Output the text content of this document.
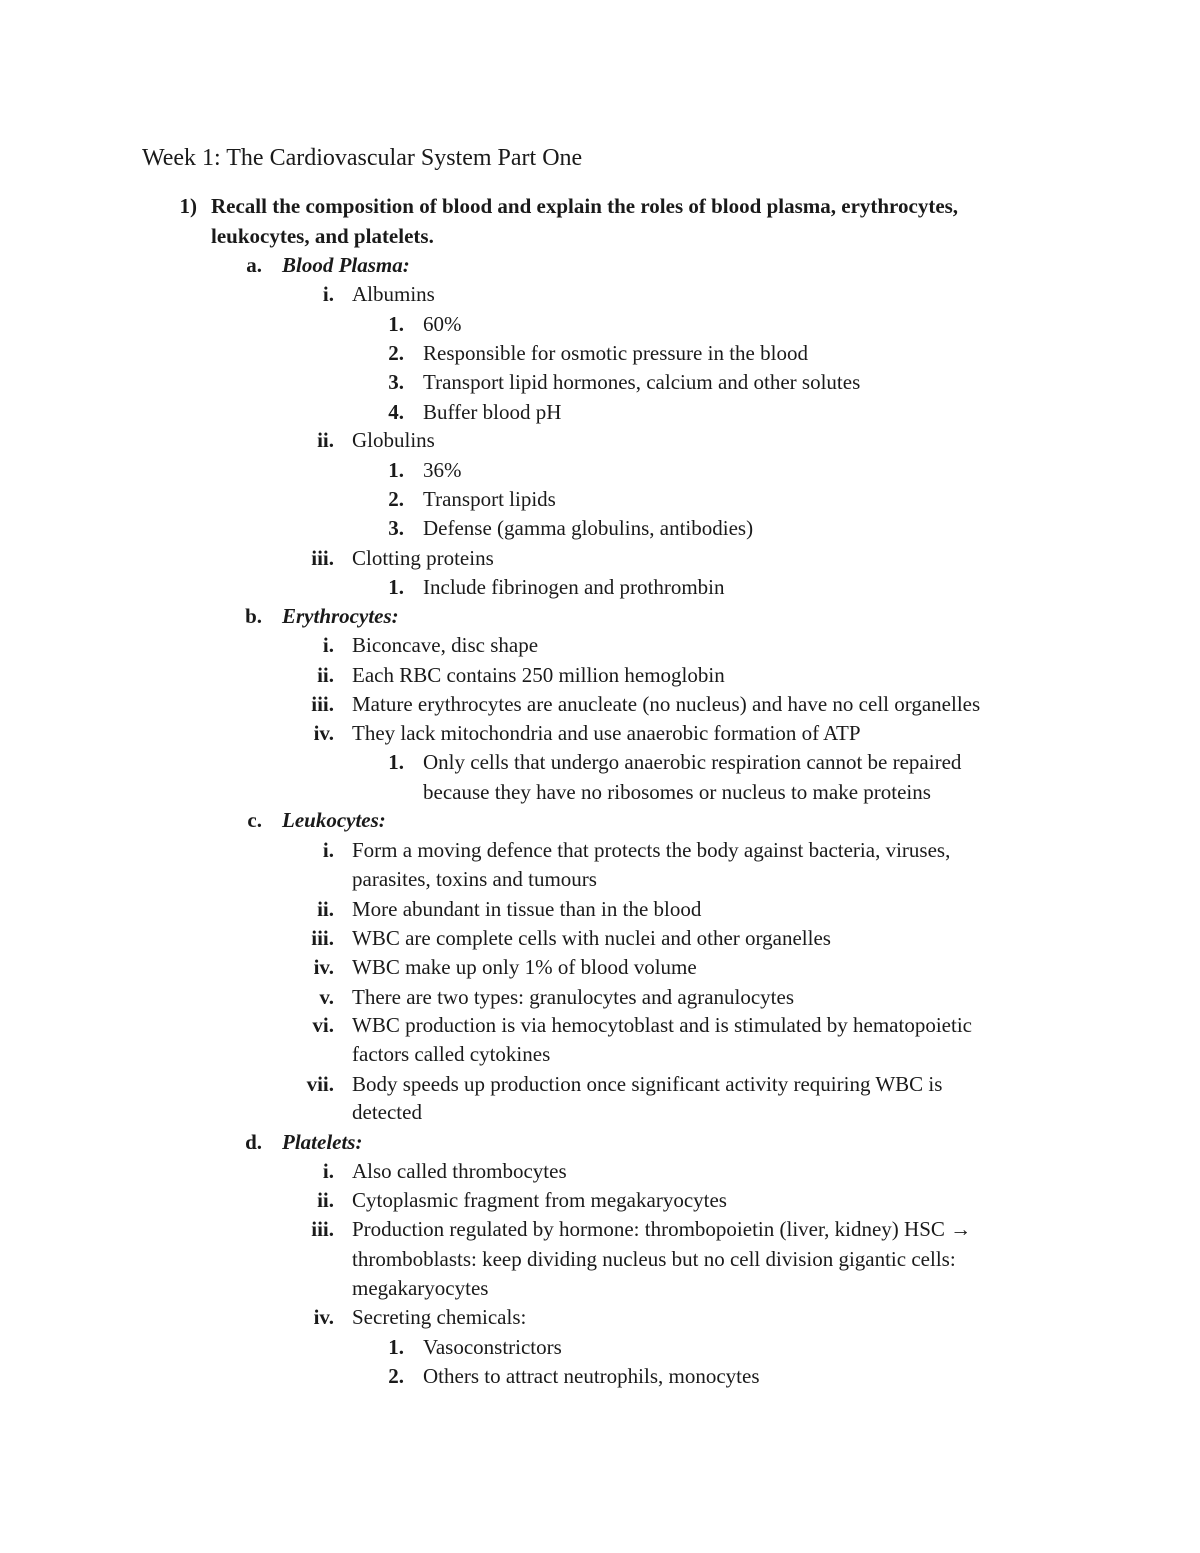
Week 1: The Cardiovascular System Part One
1) Recall the composition of blood and explain the roles of blood plasma, erythrocytes,
leukocytes, and platelets.
a. Blood Plasma:
i. Albumins
1. 60%
2. Responsible for osmotic pressure in the blood
3. Transport lipid hormones, calcium and other solutes
4. Buffer blood pH
ii. Globulins
1. 36%
2. Transport lipids
3. Defense (gamma globulins, antibodies)
iii. Clotting proteins
1. Include fibrinogen and prothrombin
b. Erythrocytes:
i. Biconcave, disc shape
ii. Each RBC contains 250 million hemoglobin
iii. Mature erythrocytes are anucleate (no nucleus) and have no cell organelles
iv. They lack mitochondria and use anaerobic formation of ATP
1. Only cells that undergo anaerobic respiration cannot be repaired
because they have no ribosomes or nucleus to make proteins
c. Leukocytes:
i. Form a moving defence that protects the body against bacteria, viruses,
parasites, toxins and tumours
ii. More abundant in tissue than in the blood
iii. WBC are complete cells with nuclei and other organelles
iv. WBC make up only 1% of blood volume
v. There are two types: granulocytes and agranulocytes
vi. WBC production is via hemocytoblast and is stimulated by hematopoietic
factors called cytokines
vii. Body speeds up production once significant activity requiring WBC is
detected
d. Platelets:
i. Also called thrombocytes
ii. Cytoplasmic fragment from megakaryocytes
iii. Production regulated by hormone: thrombopoietin (liver, kidney) HSC →
thromboblasts: keep dividing nucleus but no cell division gigantic cells:
megakaryocytes
iv. Secreting chemicals:
1. Vasoconstrictors
2. Others to attract neutrophils, monocytes
